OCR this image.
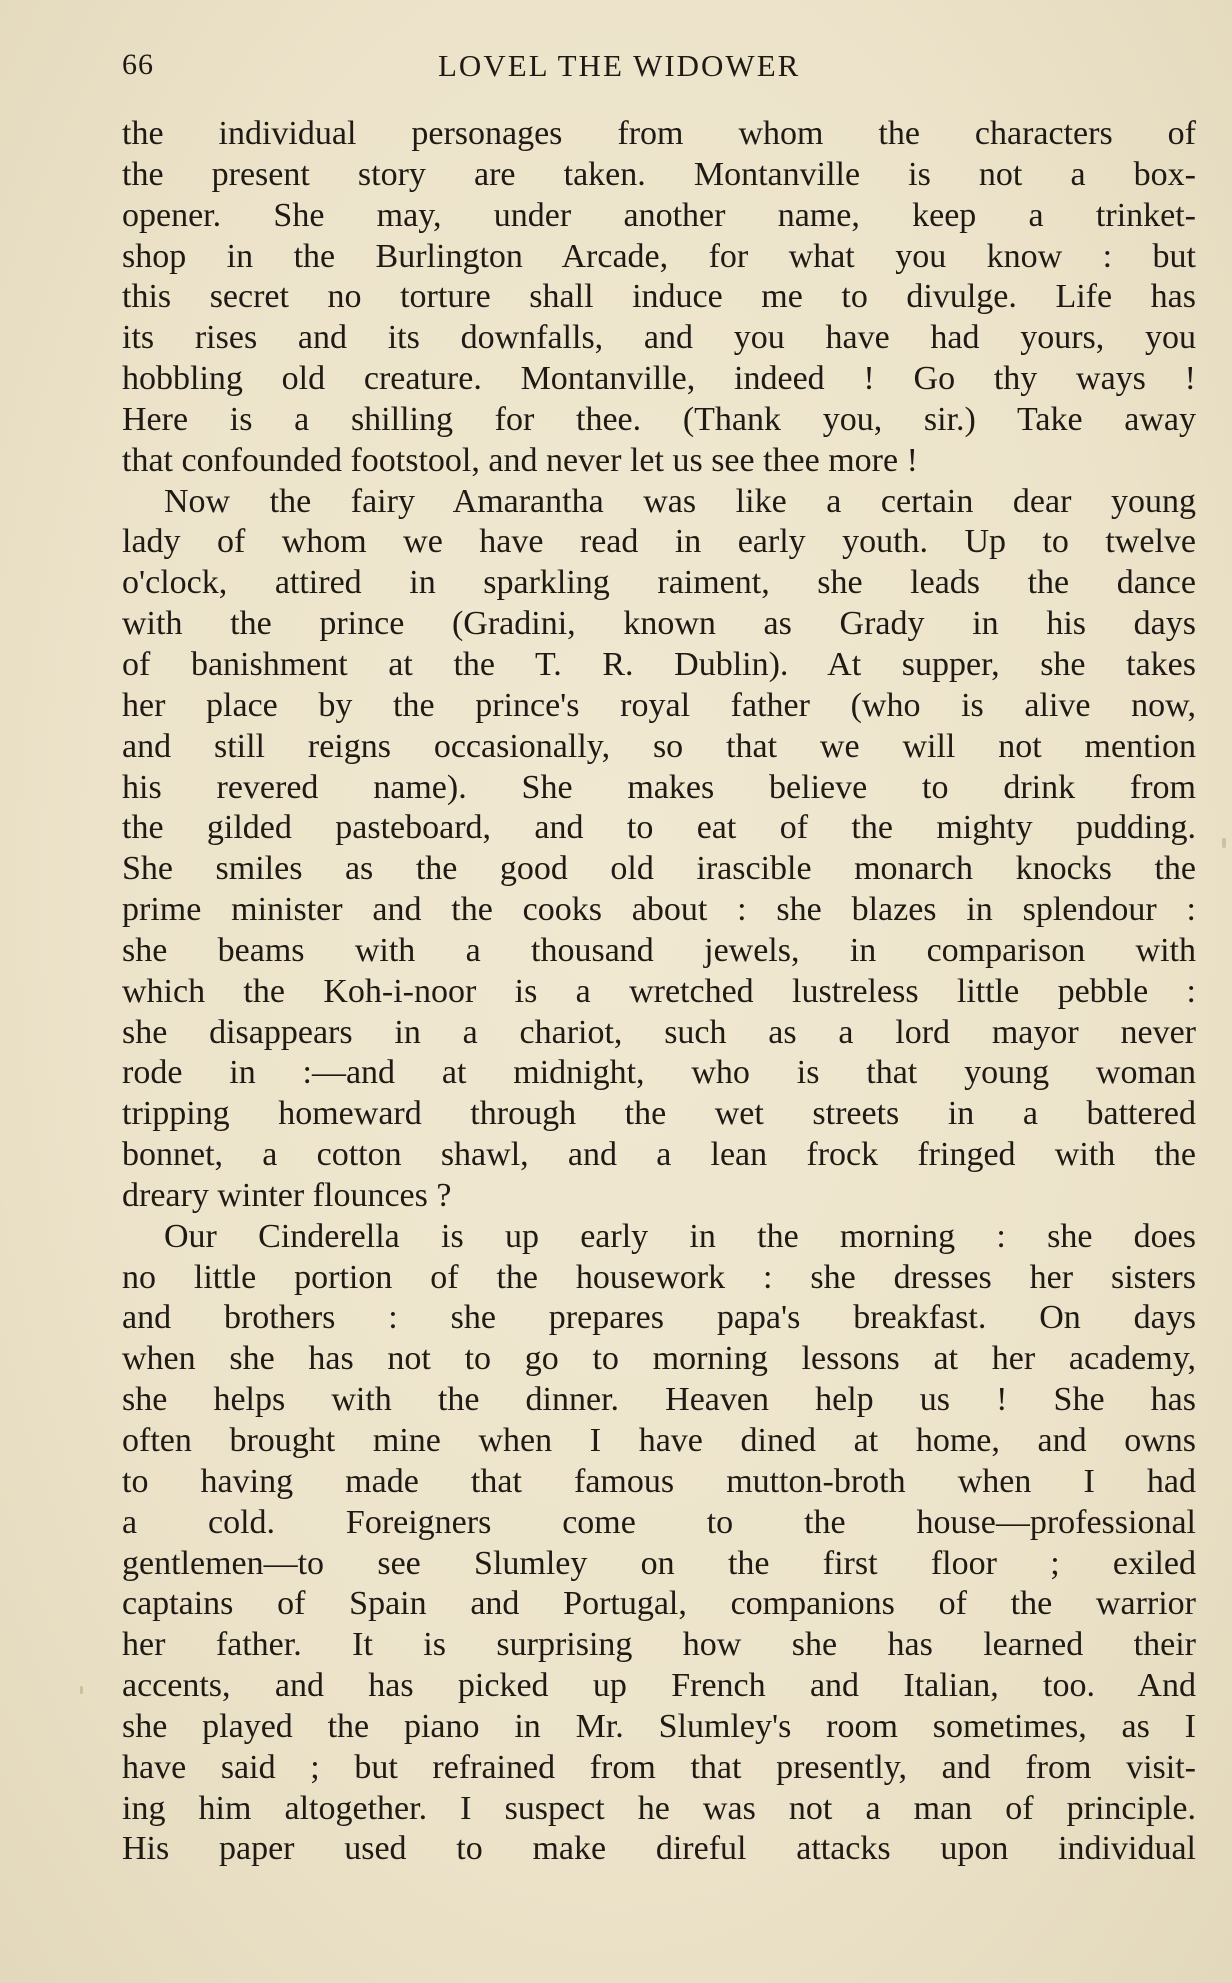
66	LOVEL THE WIDOWER
the individual personages from whom the characters of
the present story are taken. Montanville is not a box-
opener. She may, under another name, keep a trinket-
shop in the Burlington Arcade, for what you know : but
this secret no torture shall induce me to divulge. Life has
its rises and its downfalls, and you have had yours, you
hobbling old creature. Montanville, indeed ! Go thy ways !
Here is a shilling for thee. (Thank you, sir.) Take away
that confounded footstool, and never let us see thee more !
Now the fairy Amarantha was like a certain dear young
lady of whom we have read in early youth. Up to twelve
o'clock, attired in sparkling raiment, she leads the dance
with the prince (Gradini, known as Grady in his days
of banishment at the T. R. Dublin). At supper, she takes
her place by the prince's royal father (who is alive now,
and still reigns occasionally, so that we will not mention
his revered name). She makes believe to drink from
the gilded pasteboard, and to eat of the mighty pudding.
She smiles as the good old irascible monarch knocks the
prime minister and the cooks about : she blazes in splendour :
she beams with a thousand jewels, in comparison with
which the Koh-i-noor is a wretched lustreless little pebble :
she disappears in a chariot, such as a lord mayor never
rode in :—and at midnight, who is that young woman
tripping homeward through the wet streets in a battered
bonnet, a cotton shawl, and a lean frock fringed with the
dreary winter flounces ?
Our Cinderella is up early in the morning : she does
no little portion of the housework : she dresses her sisters
and brothers : she prepares papa's breakfast. On days
when she has not to go to morning lessons at her academy,
she helps with the dinner. Heaven help us ! She has
often brought mine when I have dined at home, and owns
to having made that famous mutton-broth when I had
a cold. Foreigners come to the house—professional
gentlemen—to see Slumley on the first floor ; exiled
captains of Spain and Portugal, companions of the warrior
her father. It is surprising how she has learned their
accents, and has picked up French and Italian, too. And
she played the piano in Mr. Slumley's room sometimes, as I
have said ; but refrained from that presently, and from visit-
ing him altogether. I suspect he was not a man of principle.
His paper used to make direful attacks upon individual
